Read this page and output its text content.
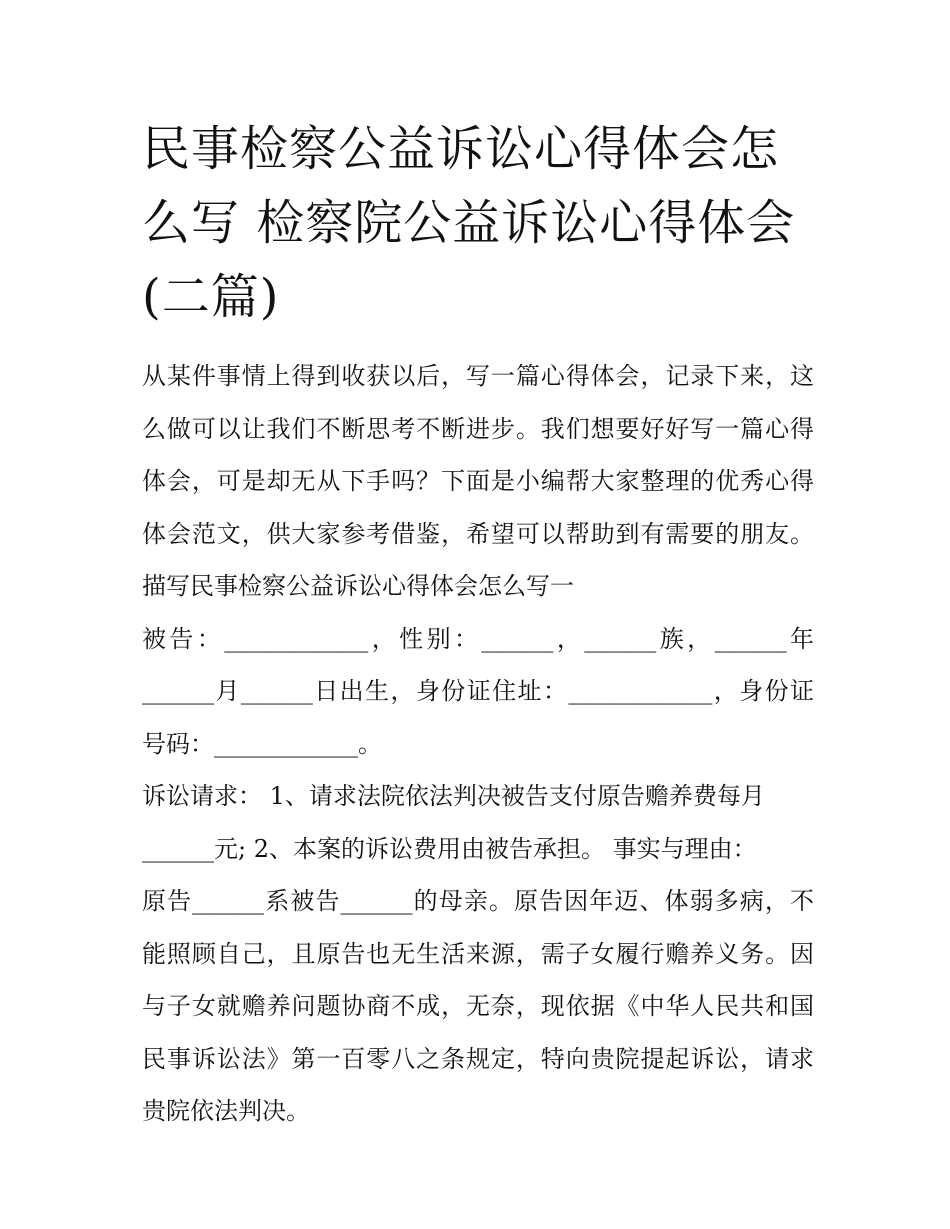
民事检察公益诉讼心得体会怎
么写 检察院公益诉讼心得体会
(二篇)

从某件事情上得到收获以后，写一篇心得体会，记录下来，这
么做可以让我们不断思考不断进步。我们想要好好写一篇心得
体会，可是却无从下手吗？下面是小编帮大家整理的优秀心得
体会范文，供大家参考借鉴，希望可以帮助到有需要的朋友。

描写民事检察公益诉讼心得体会怎么写一

被告：____________，性别：______，______族，______年
______月______日出生，身份证住址：____________，身份证
号码：____________。

诉讼请求： 1、请求法院依法判决被告支付原告赡养费每月
______元; 2、本案的诉讼费用由被告承担。 事实与理由：

原告______系被告______的母亲。原告因年迈、体弱多病，不
能照顾自己，且原告也无生活来源，需子女履行赡养义务。因
与子女就赡养问题协商不成，无奈，现依据《中华人民共和国
民事诉讼法》第一百零八之条规定，特向贵院提起诉讼，请求
贵院依法判决。
